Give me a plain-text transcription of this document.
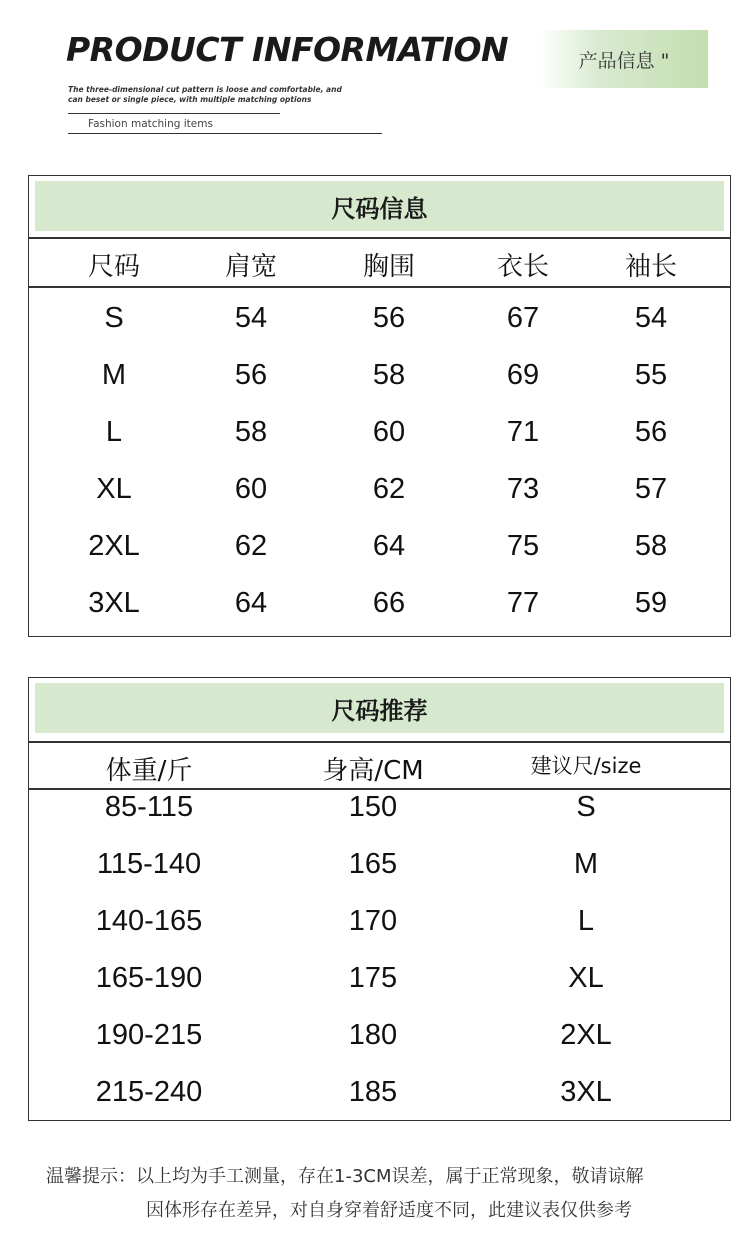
PRODUCT INFORMATION	产品信息 "
The three-dimensional cut pattern is loose and comfortable, and
can beset or single piece, with multiple matching options
Fashion matching items
尺码信息
尺码	肩宽	胸围	衣长	袖长
S	54	56	67	54
M	56	58	69	55
L	58	60	71	56
XL	60	62	73	57
2XL	62	64	75	58
3XL	64	66	77	59
尺码推荐
体重/斤	身高/CM	建议尺/size
85-115	150	S
115-140	165	M
140-165	170	L
165-190	175	XL
190-215	180	2XL
215-240	185	3XL
温馨提示：以上均为手工测量，存在1-3CM误差，属于正常现象，敬请谅解
因体形存在差异，对自身穿着舒适度不同，此建议表仅供参考
